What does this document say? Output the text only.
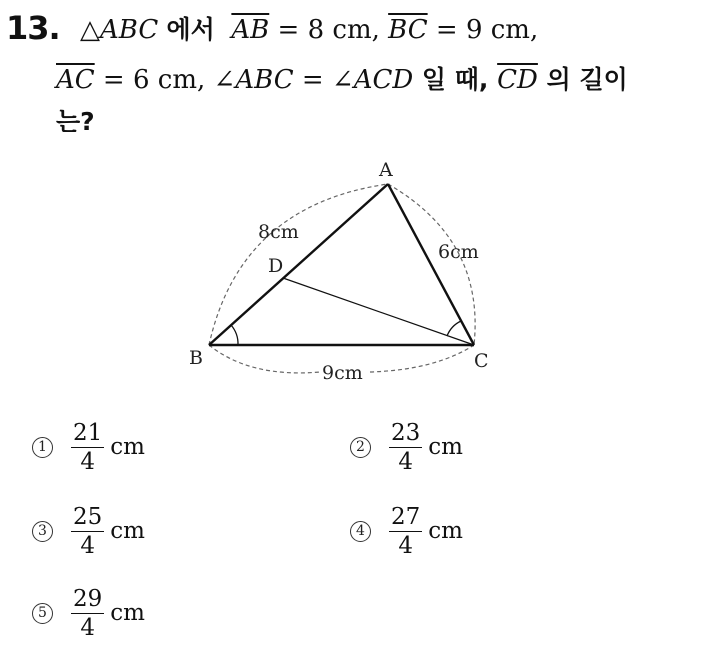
13. △ABC 에서 $\overline{AB} = 8$ cm, $\overline{BC} = 9$ cm,
$\overline{AC} = 6$ cm, ∠ABC = ∠ACD 일 때, $\overline{CD}$ 의 길이
는?
A
B	C
D
8cm
6cm
9cm
$1 \frac{21}{4}$ cm	$2 \frac{23}{4}$ cm
$3 \frac{25}{4}$ cm	$4 \frac{27}{4}$ cm
$5 \frac{29}{4}$ cm
